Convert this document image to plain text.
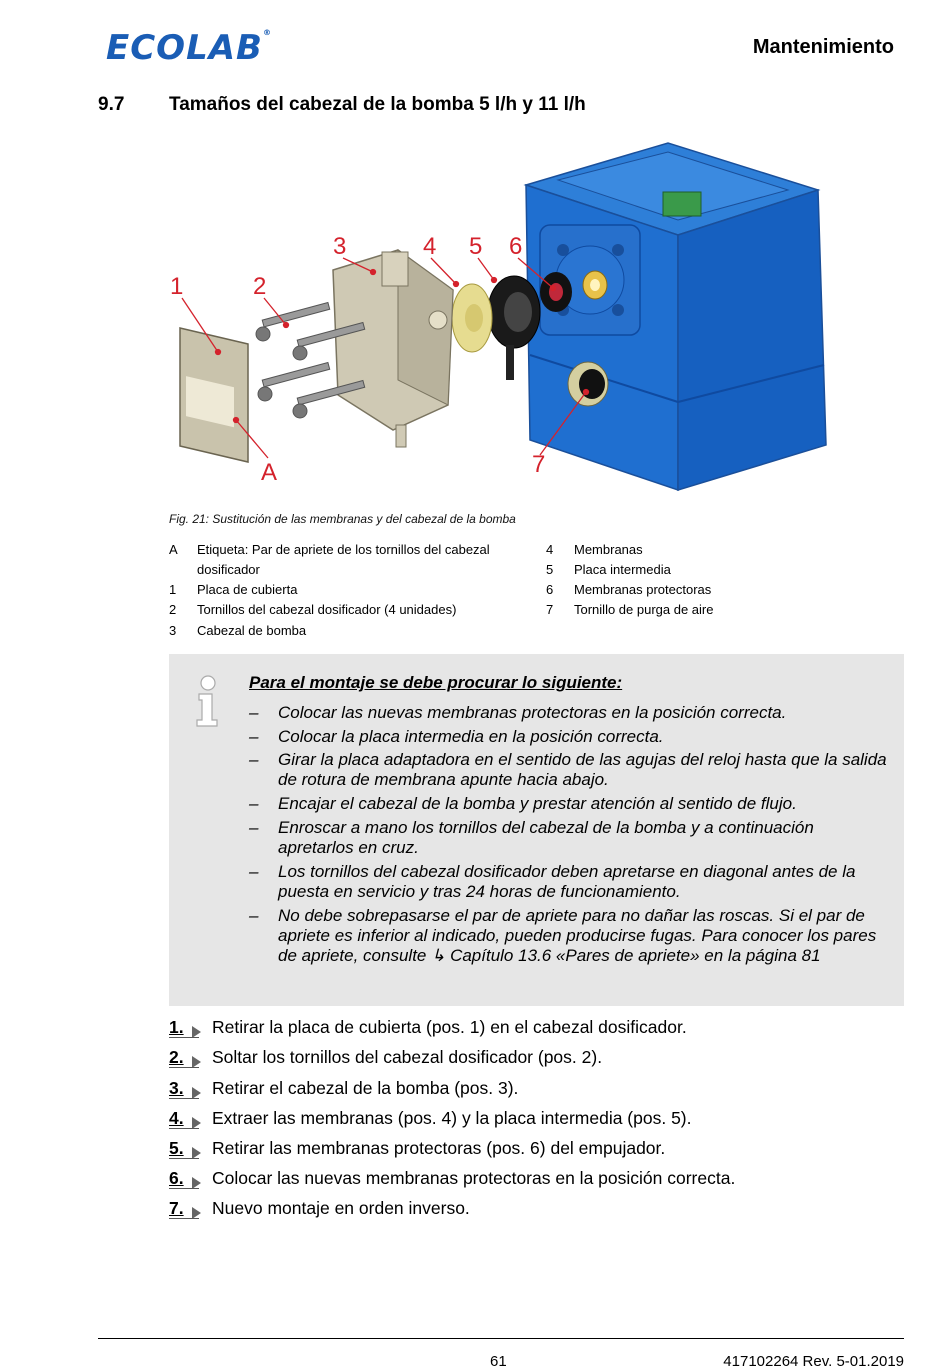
ECOLAB®
Mantenimiento
9.7 Tamaños del cabezal de la bomba 5 l/h y 11 l/h
1	2
3	4 5 6
7
A
Fig. 21: Sustitución de las membranas y del cabezal de la bomba
A Etiqueta: Par de apriete de los tornillos del cabezal dosificador
1 Placa de cubierta
2 Tornillos del cabezal dosificador (4 unidades)
3 Cabezal de bomba
4 Membranas
5 Placa intermedia
6 Membranas protectoras
7 Tornillo de purga de aire
Para el montaje se debe procurar lo siguiente:
– Colocar las nuevas membranas protectoras en la posición correcta.
– Colocar la placa intermedia en la posición correcta.
– Girar la placa adaptadora en el sentido de las agujas del reloj hasta que la salida de rotura de membrana apunte hacia abajo.
– Encajar el cabezal de la bomba y prestar atención al sentido de flujo.
– Enroscar a mano los tornillos del cabezal de la bomba y a continuación apretarlos en cruz.
– Los tornillos del cabezal dosificador deben apretarse en diagonal antes de la puesta en servicio y tras 24 horas de funcionamiento.
– No debe sobrepasarse el par de apriete para no dañar las roscas. Si el par de apriete es inferior al indicado, pueden producirse fugas. Para conocer los pares de apriete, consulte ↳ Capítulo 13.6 «Pares de apriete» en la página 81
1.	Retirar la placa de cubierta (pos. 1) en el cabezal dosificador.
2.	Soltar los tornillos del cabezal dosificador (pos. 2).
3.	Retirar el cabezal de la bomba (pos. 3).
4.	Extraer las membranas (pos. 4) y la placa intermedia (pos. 5).
5.	Retirar las membranas protectoras (pos. 6) del empujador.
6.	Colocar las nuevas membranas protectoras en la posición correcta.
7.	Nuevo montaje en orden inverso.
61	417102264 Rev. 5-01.2019
